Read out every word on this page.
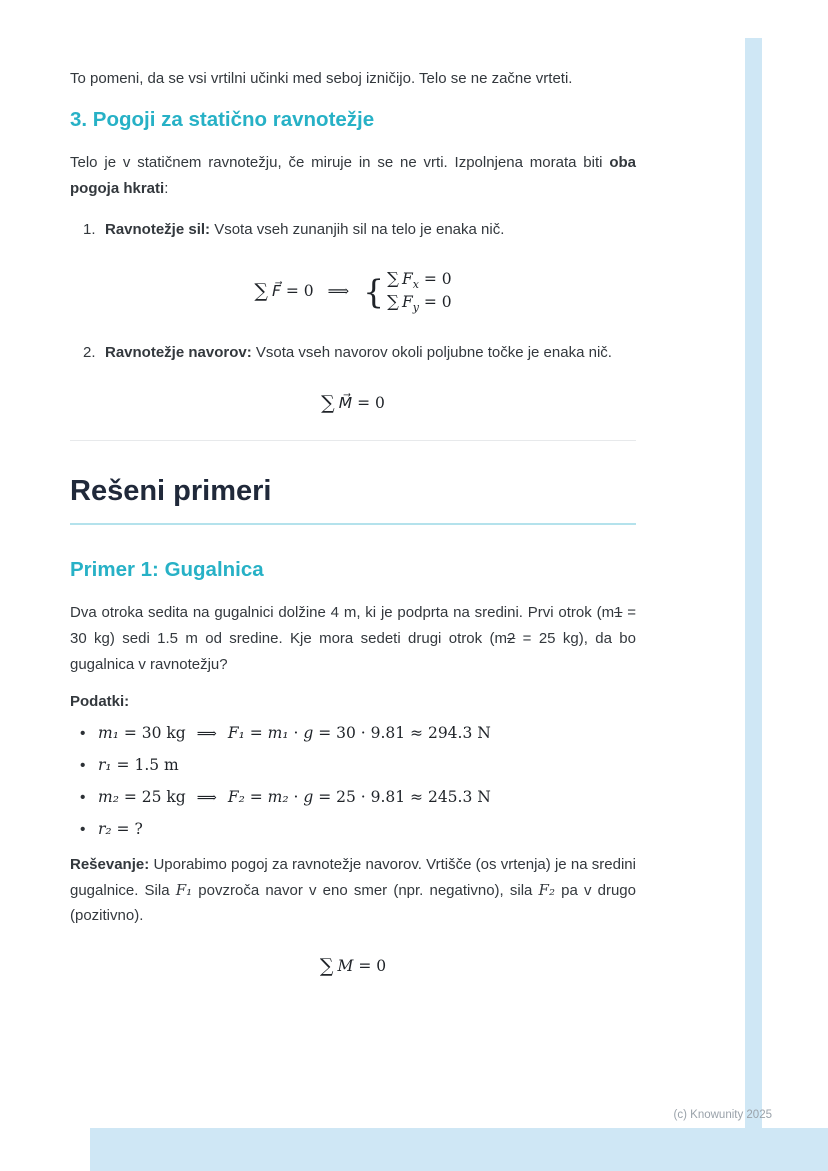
To pomeni, da se vsi vrtilni učinki med seboj izničijo. Telo se ne začne vrteti.

3. Pogoji za statično ravnotežje

Telo je v statičnem ravnotežju, če miruje in se ne vrti. Izpolnjena morata biti oba pogoja hkrati:

1. Ravnotežje sil: Vsota vseh zunanjih sil na telo je enaka nič.

∑ F⃗ = 0 ⟹ { ∑ $F_x = 0$
∑ $F_y = 0$
2. Ravnotežje navorov: Vsota vseh navorov okoli poljubne točke je enaka nič.

∑ M⃗ = 0
Rešeni primeri
Primer 1: Gugalnica

Dva otroka sedita na gugalnici dolžine 4 m, ki je podprta na sredini. Prvi otrok (m1 = 30 kg) sedi 1.5 m od sredine. Kje mora sedeti drugi otrok (m2 = 25 kg), da bo gugalnica v ravnotežju?

Podatki:

• m₁ = 30 kg ⟹ F₁ = m₁ · g = 30 · 9.81 ≈ 294.3 N
• r₁ = 1.5 m
• m₂ = 25 kg ⟹ F₂ = m₂ · g = 25 · 9.81 ≈ 245.3 N
• r₂ = ?

Reševanje: Uporabimo pogoj za ravnotežje navorov. Vrtišče (os vrtenja) je na sredini gugalnice. Sila F₁ povzroča navor v eno smer (npr. negativno), sila F₂ pa v drugo (pozitivno).

∑ M = 0
(c) Knowunity 2025
